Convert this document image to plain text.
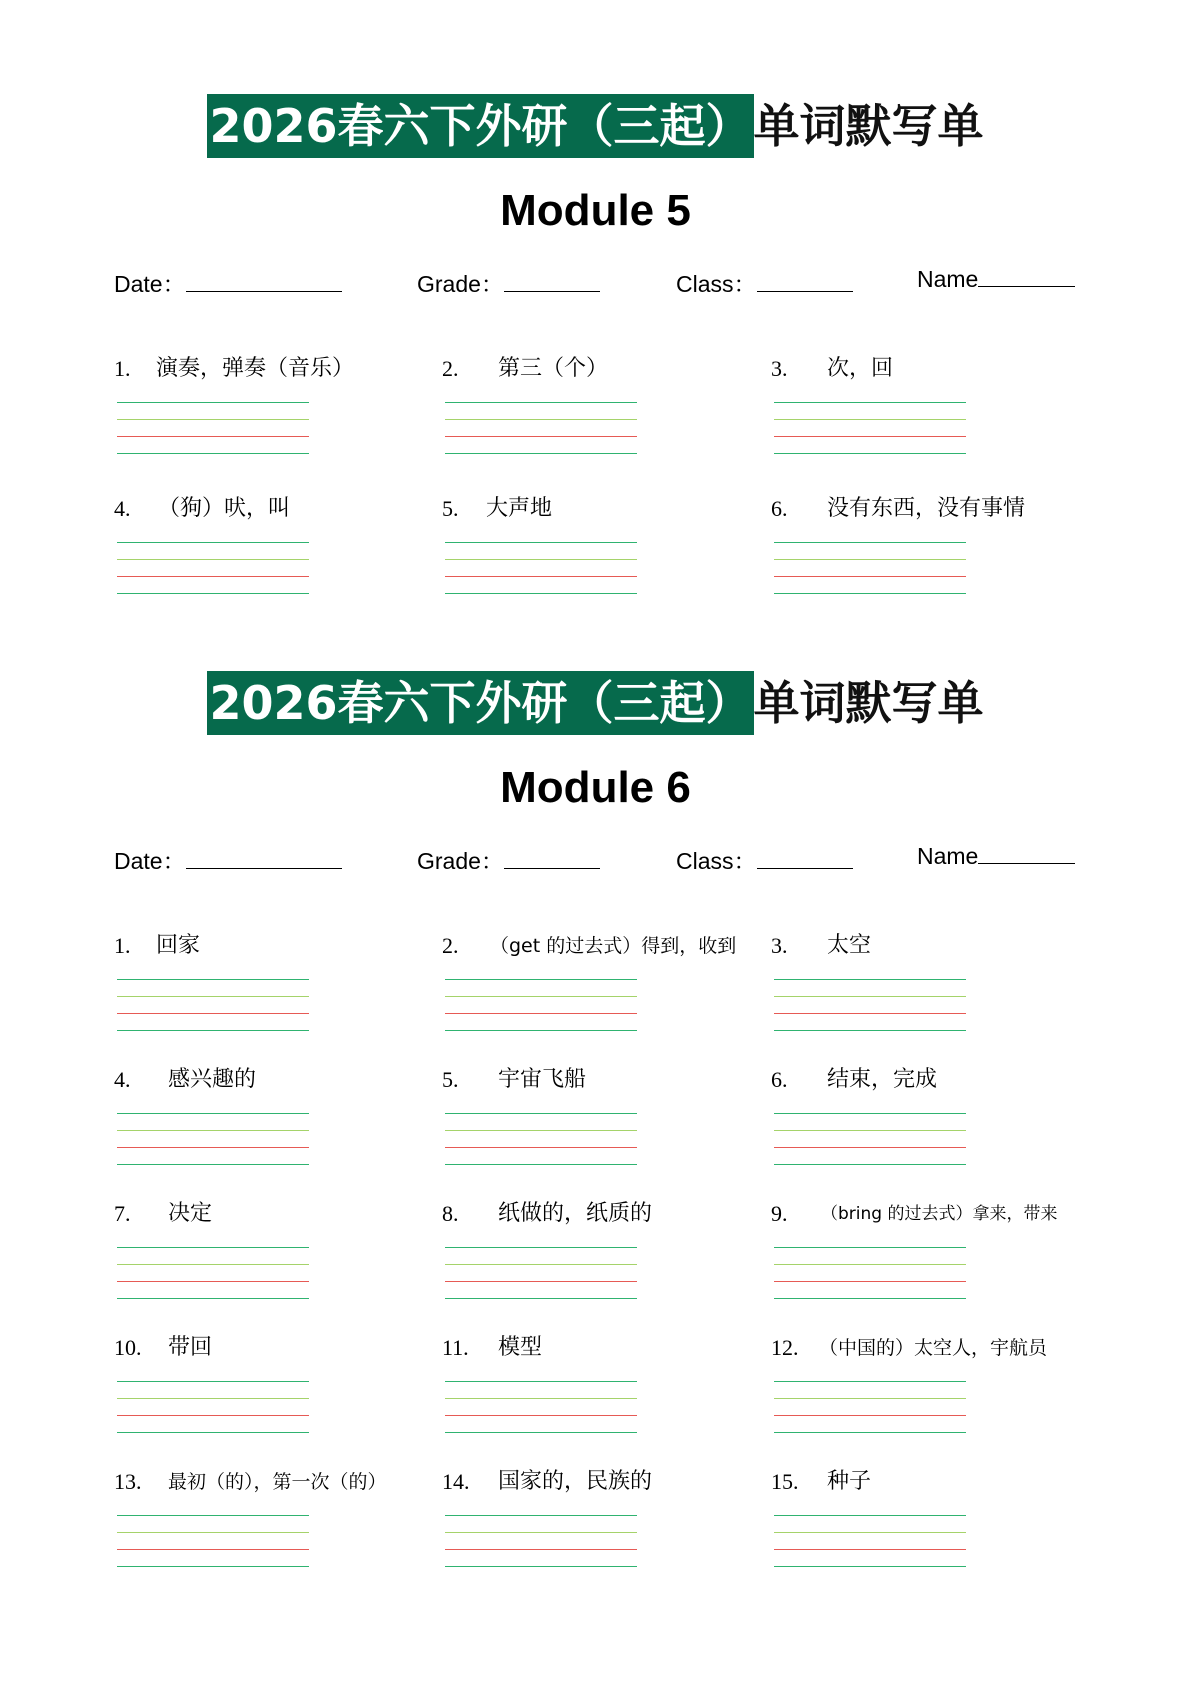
2026春六下外研（三起） 单词默写单
Module 5
Date：	Grade：	Class：	Name
1. 演奏，弹奏（音乐）	2. 第三（个）	3. 次，回
4. （狗）吠，叫	5. 大声地	6. 没有东西，没有事情
2026春六下外研（三起） 单词默写单
Module 6
Date：	Grade：	Class：	Name
1. 回家	2. （get 的过去式）得到，收到 3. 太空
4. 感兴趣的	5. 宇宙飞船	6. 结束，完成
7. 决定	8. 纸做的，纸质的	9. （bring 的过去式）拿来，带来
10. 带回	11. 模型	12. （中国的）太空人，宇航员
13. 最初（的），第一次（的）	14. 国家的，民族的	15. 种子
